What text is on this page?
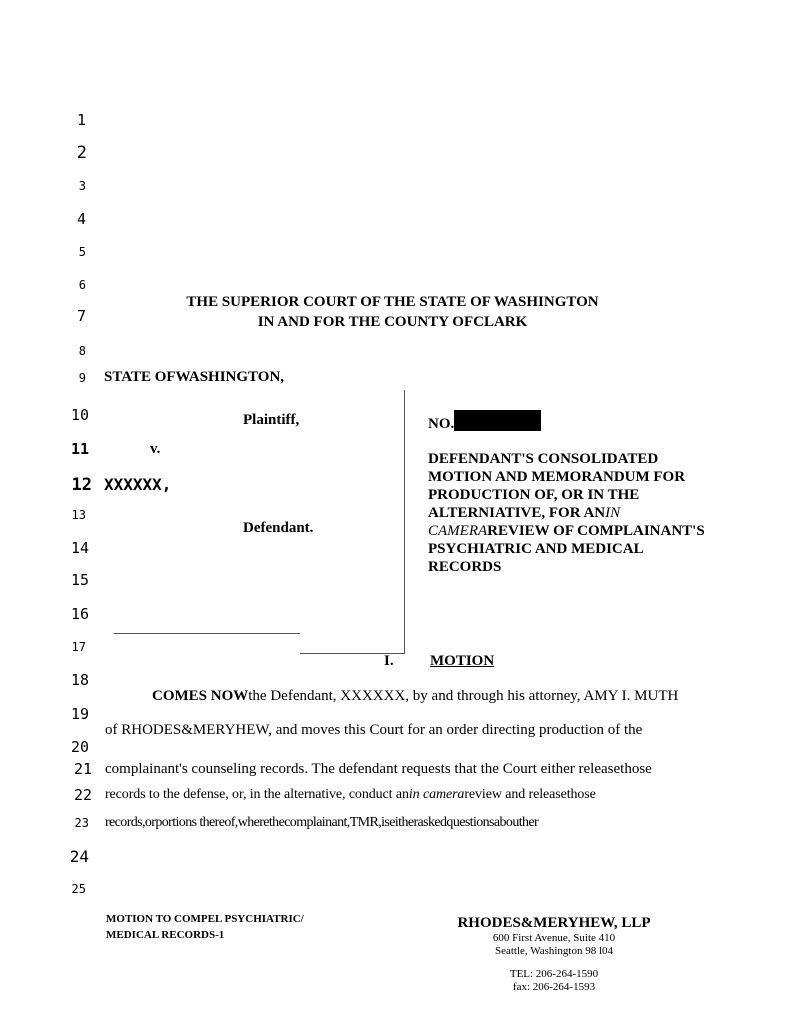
1
2
3
4
5
6
7
8
9
10
11
12
13
14
15
16
17
18
19
20
21
22
23
24
25
THE SUPERIOR COURT OF THE STATE OF WASHINGTON
IN AND FOR THE COUNTY OFCLARK
STATE OFWASHINGTON,
Plaintiff,
v.
XXXXXX,
Defendant.
NO.
DEFENDANT'S CONSOLIDATED
MOTION AND MEMORANDUM FOR
PRODUCTION OF, OR IN THE
ALTERNIATIVE, FOR ANIN
CAMERAREVIEW OF COMPLAINANT'S
PSYCHIATRIC AND MEDICAL
RECORDS
I. MOTION
COMES NOWthe Defendant, XXXXXX, by and through his attorney, AMY I. MUTH
of RHODES&MERYHEW, and moves this Court for an order directing production of the
complainant's counseling records. The defendant requests that the Court either releasethose
records to the defense, or, in the alternative, conduct anin camerareview and releasethose
records,orportions thereof,wherethecomplainant,TMR,iseitheraskedquestionsabouther
MOTION TO COMPEL PSYCHIATRIC/
MEDICAL RECORDS-1
RHODES&MERYHEW, LLP
600 First Avenue, Suite 410
Seattle, Washington 98 l04
TEL: 206-264-1590
fax: 206-264-1593
